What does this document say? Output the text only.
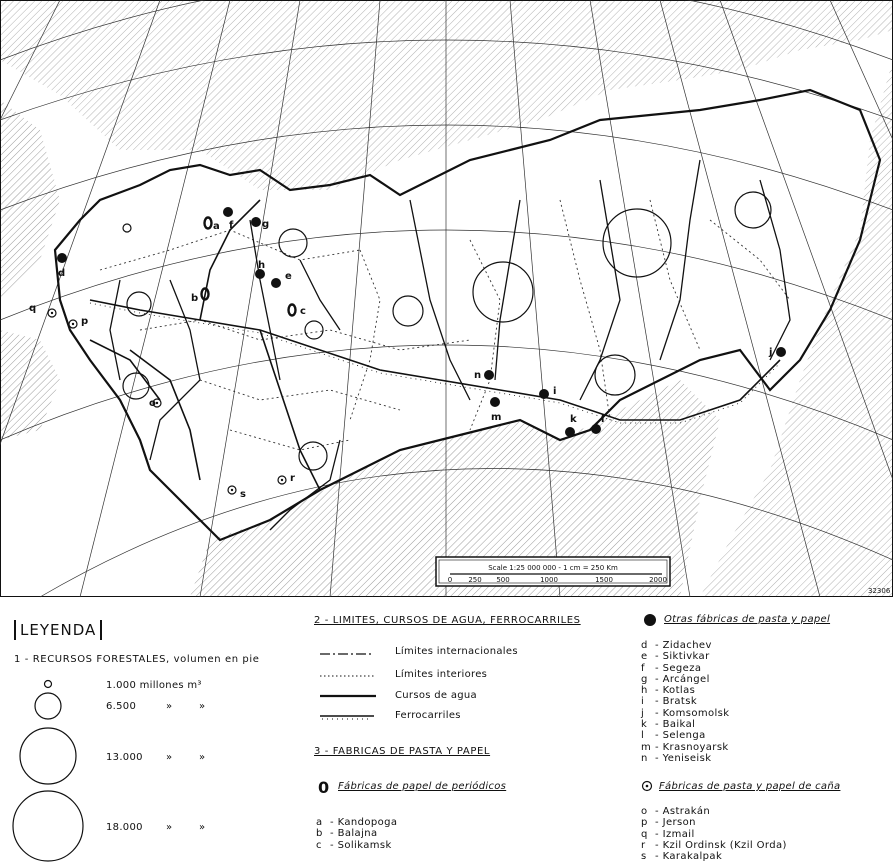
a
b
c
d	e
f	g
h
i
j
k l
m
n
o
p
q
r
s
Scale 1:25 000 000 - 1 cm = 250 Km
0 250 500	1000	1500	2000
32306
LEYENDA
1 - RECURSOS FORESTALES, volumen en pie
1.000 millones m³
6.500	»	»
13.000 »	»
18.000 »	»
2 - LIMITES, CURSOS DE AGUA, FERROCARRILES
Límites internacionales
Límites interiores
Cursos de agua
Ferrocarriles
3 - FABRICAS DE PASTA Y PAPEL
0 Fábricas de papel de periódicos
a - Kandopoga
b - Balajna
c - Solikamsk
Otras fábricas de pasta y papel
d - Zidachev
e - Siktivkar
f - Segeza
g - Arcángel
h - Kotlas
i - Bratsk
j - Komsomolsk
k - Baikal
l - Selenga
m - Krasnoyarsk
n - Yeniseisk
Fábricas de pasta y papel de caña
o - Astrakán
p - Jerson
q - Izmail
r - Kzil Ordinsk (Kzil Orda)
s - Karakalpak
